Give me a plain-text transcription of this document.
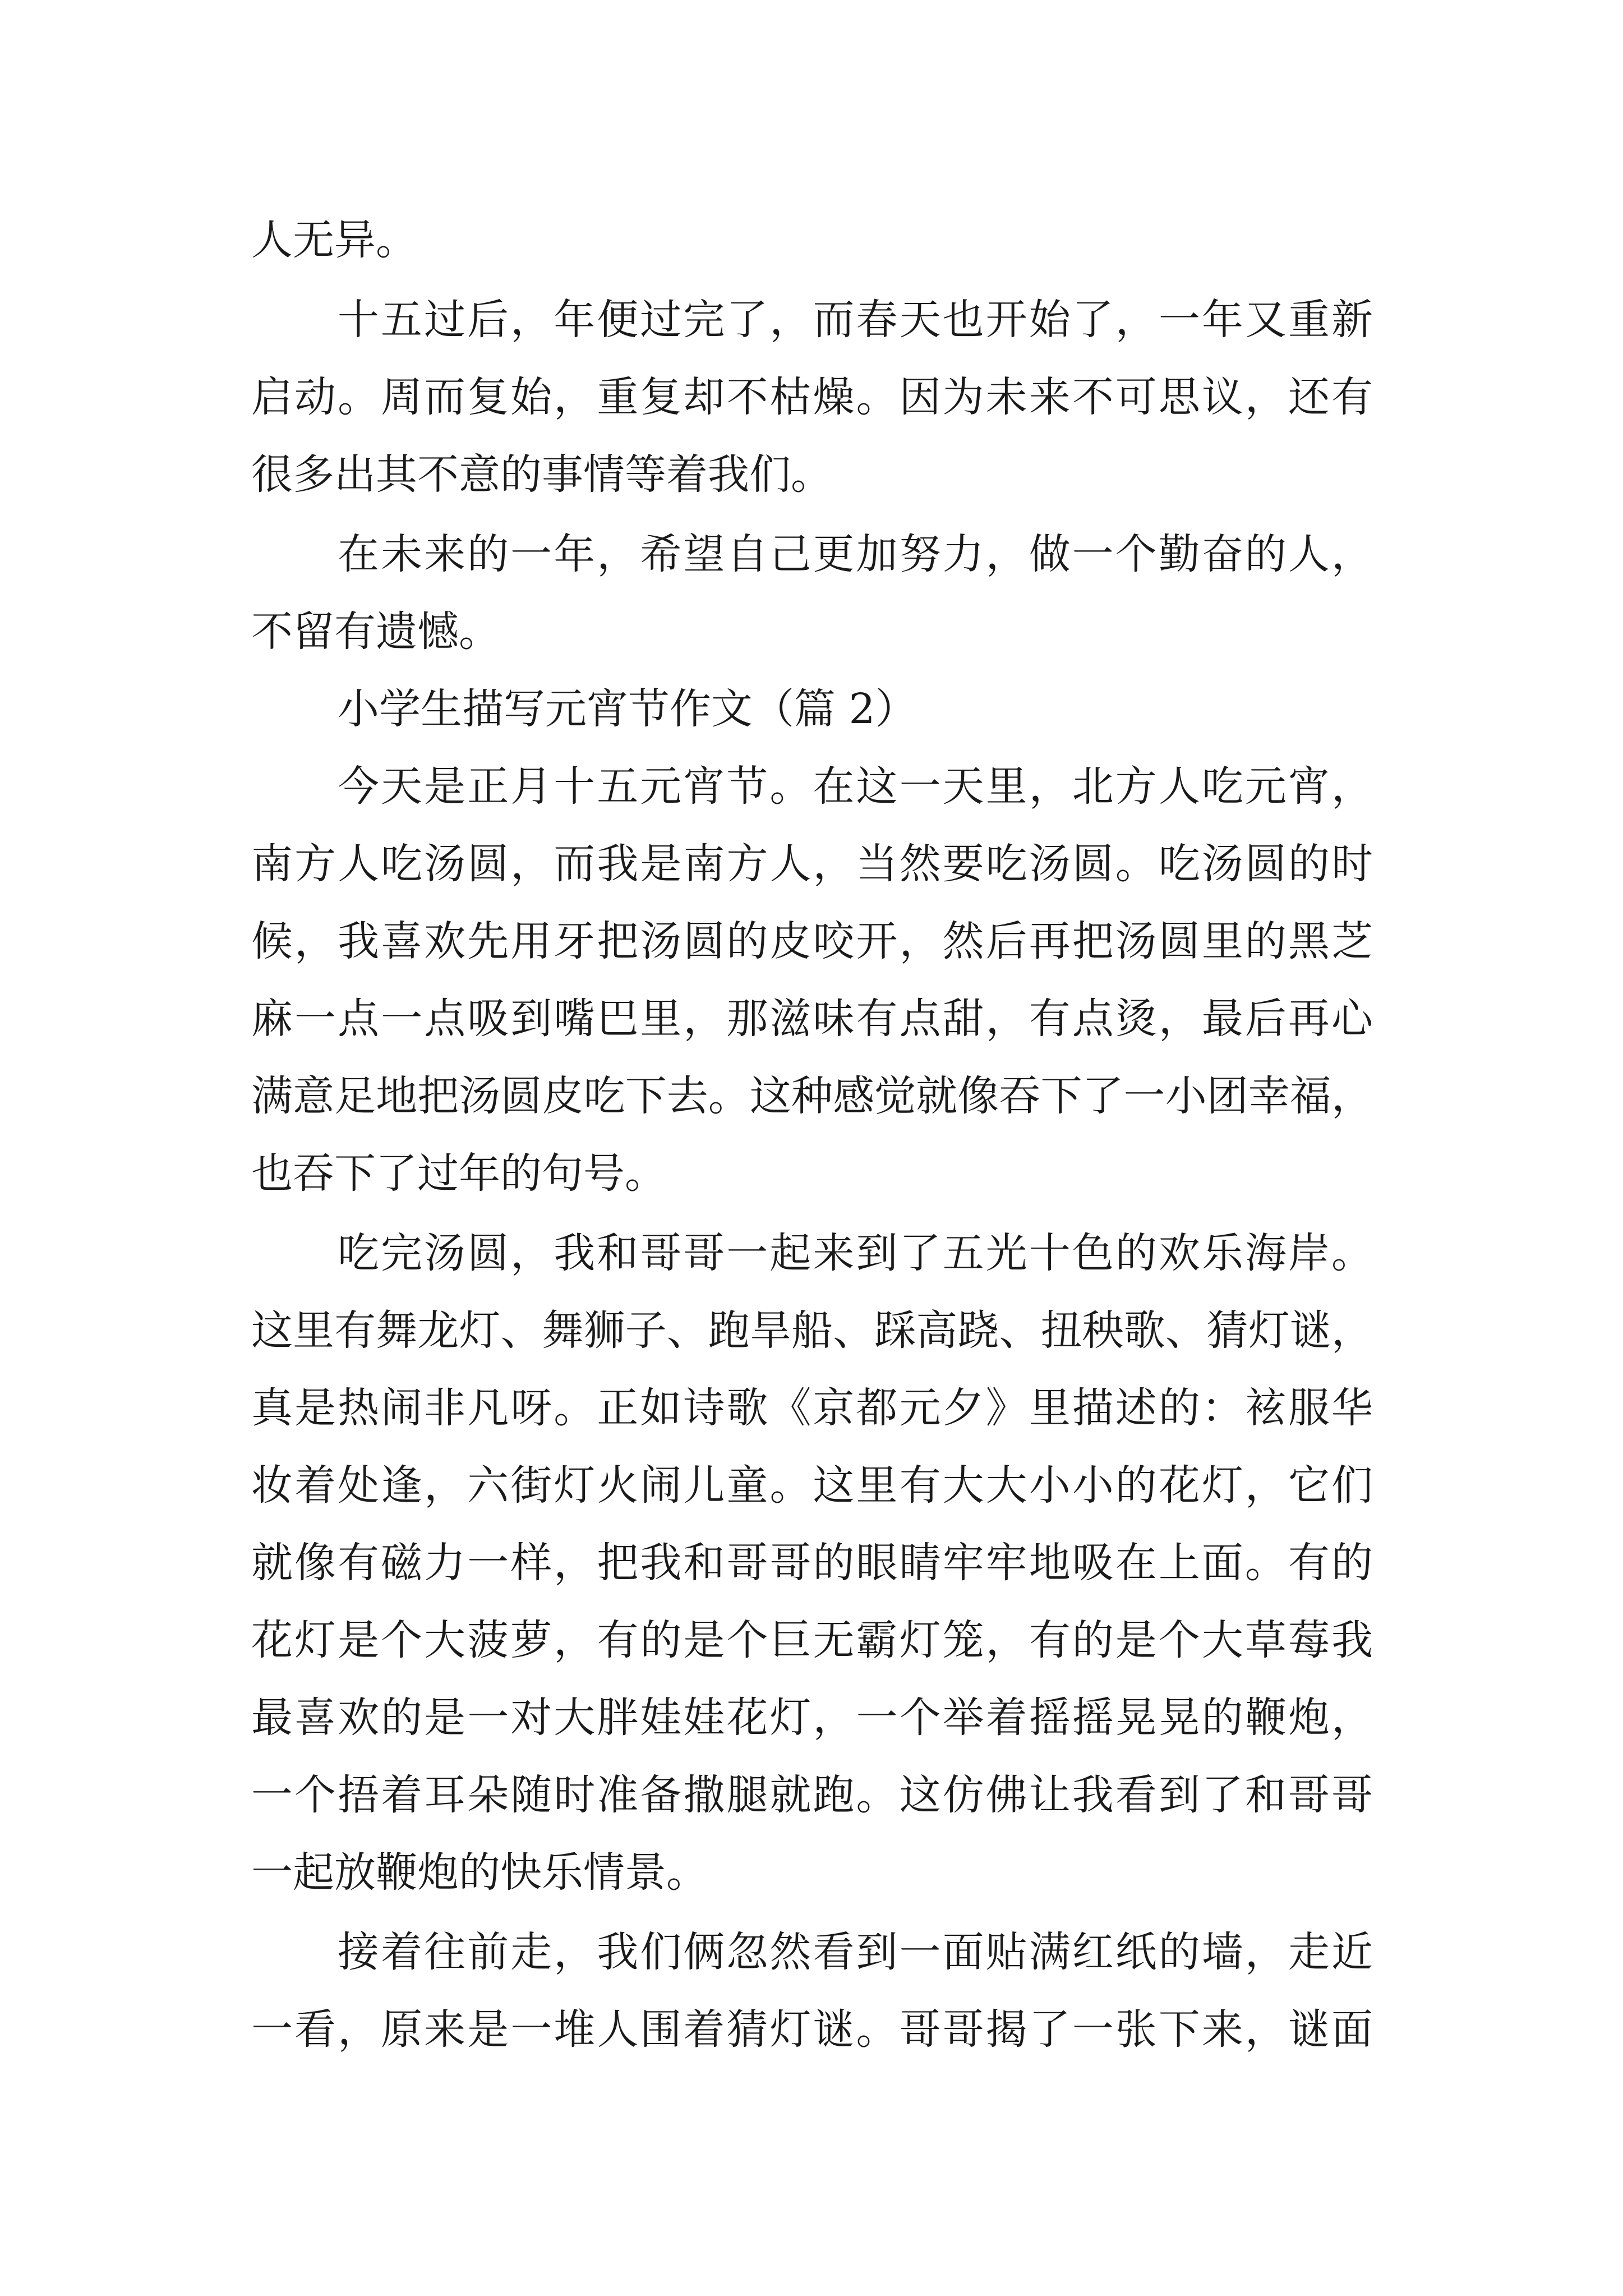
人无异。
十五过后，年便过完了，而春天也开始了，一年又重新
启动。周而复始，重复却不枯燥。因为未来不可思议，还有
很多出其不意的事情等着我们。
在未来的一年，希望自己更加努力，做一个勤奋的人，
不留有遗憾。
小学生描写元宵节作文（篇 2）
今天是正月十五元宵节。在这一天里，北方人吃元宵，
南方人吃汤圆，而我是南方人，当然要吃汤圆。吃汤圆的时
候，我喜欢先用牙把汤圆的皮咬开，然后再把汤圆里的黑芝
麻一点一点吸到嘴巴里，那滋味有点甜，有点烫，最后再心
满意足地把汤圆皮吃下去。这种感觉就像吞下了一小团幸福，
也吞下了过年的句号。
吃完汤圆，我和哥哥一起来到了五光十色的欢乐海岸。
这里有舞龙灯、舞狮子、跑旱船、踩高跷、扭秧歌、猜灯谜，
真是热闹非凡呀。正如诗歌《京都元夕》里描述的：袨服华
妆着处逢，六街灯火闹儿童。这里有大大小小的花灯，它们
就像有磁力一样，把我和哥哥的眼睛牢牢地吸在上面。有的
花灯是个大菠萝，有的是个巨无霸灯笼，有的是个大草莓我
最喜欢的是一对大胖娃娃花灯，一个举着摇摇晃晃的鞭炮，
一个捂着耳朵随时准备撒腿就跑。这仿佛让我看到了和哥哥
一起放鞭炮的快乐情景。
接着往前走，我们俩忽然看到一面贴满红纸的墙，走近
一看，原来是一堆人围着猜灯谜。哥哥揭了一张下来，谜面
